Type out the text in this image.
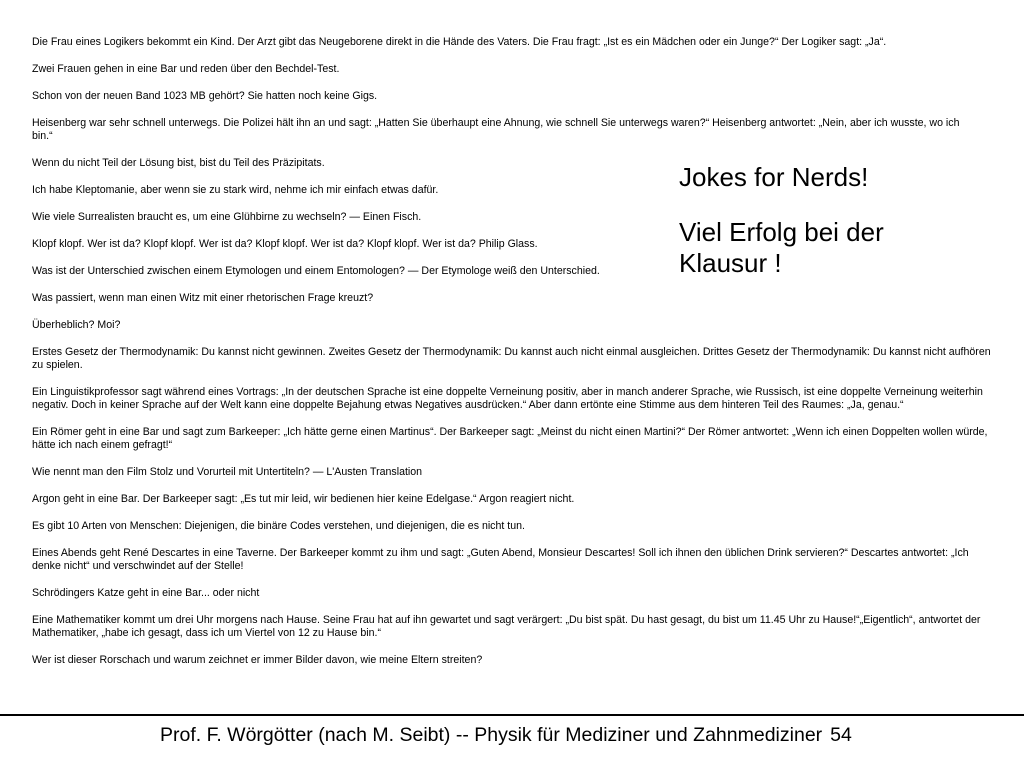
Die Frau eines Logikers bekommt ein Kind. Der Arzt gibt das Neugeborene direkt in die Hände des Vaters. Die Frau fragt: „Ist es ein Mädchen oder ein Junge?“ Der Logiker sagt: „Ja“.

Zwei Frauen gehen in eine Bar und reden über den Bechdel-Test.

Schon von der neuen Band 1023 MB gehört? Sie hatten noch keine Gigs.

Heisenberg war sehr schnell unterwegs. Die Polizei hält ihn an und sagt: „Hatten Sie überhaupt eine Ahnung, wie schnell Sie unterwegs waren?“ Heisenberg antwortet: „Nein, aber ich wusste, wo ich bin.“

Wenn du nicht Teil der Lösung bist, bist du Teil des Präzipitats.

Ich habe Kleptomanie, aber wenn sie zu stark wird, nehme ich mir einfach etwas dafür.

Wie viele Surrealisten braucht es, um eine Glühbirne zu wechseln? — Einen Fisch.

Klopf klopf. Wer ist da? Klopf klopf. Wer ist da? Klopf klopf. Wer ist da? Klopf klopf. Wer ist da? Philip Glass.

Was ist der Unterschied zwischen einem Etymologen und einem Entomologen? — Der Etymologe weiß den Unterschied.

Was passiert, wenn man einen Witz mit einer rhetorischen Frage kreuzt?

Überheblich? Moi?

Erstes Gesetz der Thermodynamik: Du kannst nicht gewinnen. Zweites Gesetz der Thermodynamik: Du kannst auch nicht einmal ausgleichen. Drittes Gesetz der Thermodynamik: Du kannst nicht aufhören zu spielen.

Ein Linguistikprofessor sagt während eines Vortrags: „In der deutschen Sprache ist eine doppelte Verneinung positiv, aber in manch anderer Sprache, wie Russisch, ist eine doppelte Verneinung weiterhin negativ. Doch in keiner Sprache auf der Welt kann eine doppelte Bejahung etwas Negatives ausdrücken.“ Aber dann ertönte eine Stimme aus dem hinteren Teil des Raumes: „Ja, genau.“

Ein Römer geht in eine Bar und sagt zum Barkeeper: „Ich hätte gerne einen Martinus“. Der Barkeeper sagt: „Meinst du nicht einen Martini?“ Der Römer antwortet: „Wenn ich einen Doppelten wollen würde, hätte ich nach einem gefragt!“

Wie nennt man den Film Stolz und Vorurteil mit Untertiteln? — L'Austen Translation

Argon geht in eine Bar. Der Barkeeper sagt: „Es tut mir leid, wir bedienen hier keine Edelgase.“ Argon reagiert nicht.

Es gibt 10 Arten von Menschen: Diejenigen, die binäre Codes verstehen, und diejenigen, die es nicht tun.

Eines Abends geht René Descartes in eine Taverne. Der Barkeeper kommt zu ihm und sagt: „Guten Abend, Monsieur Descartes! Soll ich ihnen den üblichen Drink servieren?“ Descartes antwortet: „Ich denke nicht“ und verschwindet auf der Stelle!

Schrödingers Katze geht in eine Bar... oder nicht

Eine Mathematiker kommt um drei Uhr morgens nach Hause. Seine Frau hat auf ihn gewartet und sagt verärgert: „Du bist spät. Du hast gesagt, du bist um 11.45 Uhr zu Hause!“„Eigentlich“, antwortet der Mathematiker, „habe ich gesagt, dass ich um Viertel von 12 zu Hause bin.“

Wer ist dieser Rorschach und warum zeichnet er immer Bilder davon, wie meine Eltern streiten?

Jokes for Nerds!
Viel Erfolg bei der
Klausur !
Prof. F. Wörgötter (nach M. Seibt) -- Physik für Mediziner und Zahnmediziner 54
